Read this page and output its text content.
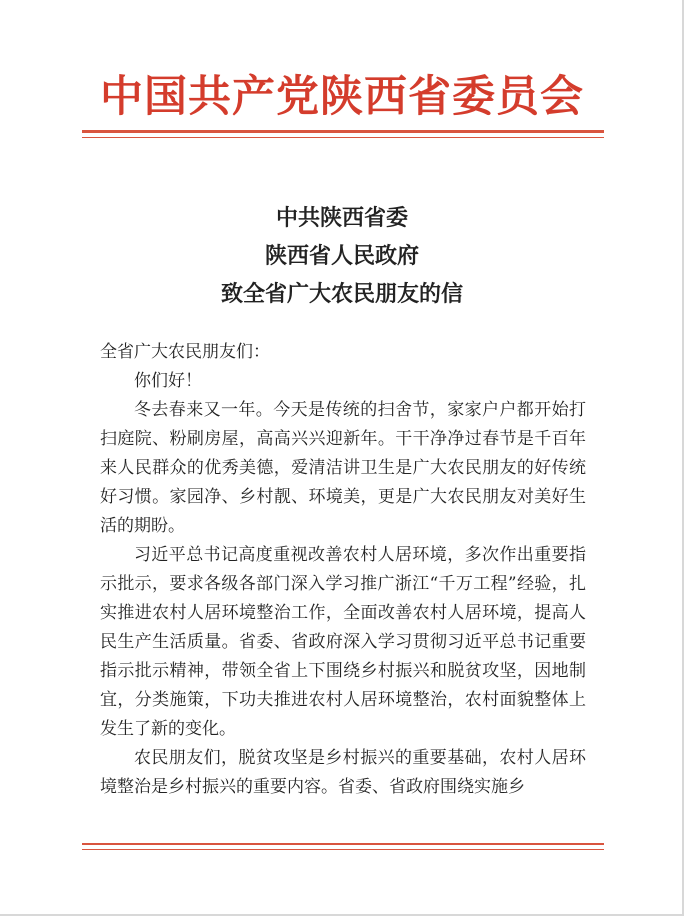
中国共产党陕西省委员会
中共陕西省委
陕西省人民政府
致全省广大农民朋友的信

全省广大农民朋友们：

你们好！

冬去春来又一年。今天是传统的扫舍节，家家户户都开始打扫庭院、粉刷房屋，高高兴兴迎新年。干干净净过春节是千百年来人民群众的优秀美德，爱清洁讲卫生是广大农民朋友的好传统好习惯。家园净、乡村靓、环境美，更是广大农民朋友对美好生活的期盼。

习近平总书记高度重视改善农村人居环境，多次作出重要指示批示，要求各级各部门深入学习推广浙江“千万工程”经验，扎实推进农村人居环境整治工作，全面改善农村人居环境，提高人民生产生活质量。省委、省政府深入学习贯彻习近平总书记重要指示批示精神，带领全省上下围绕乡村振兴和脱贫攻坚，因地制宜，分类施策，下功夫推进农村人居环境整治，农村面貌整体上发生了新的变化。

农民朋友们，脱贫攻坚是乡村振兴的重要基础，农村人居环境整治是乡村振兴的重要内容。省委、省政府围绕实施乡
